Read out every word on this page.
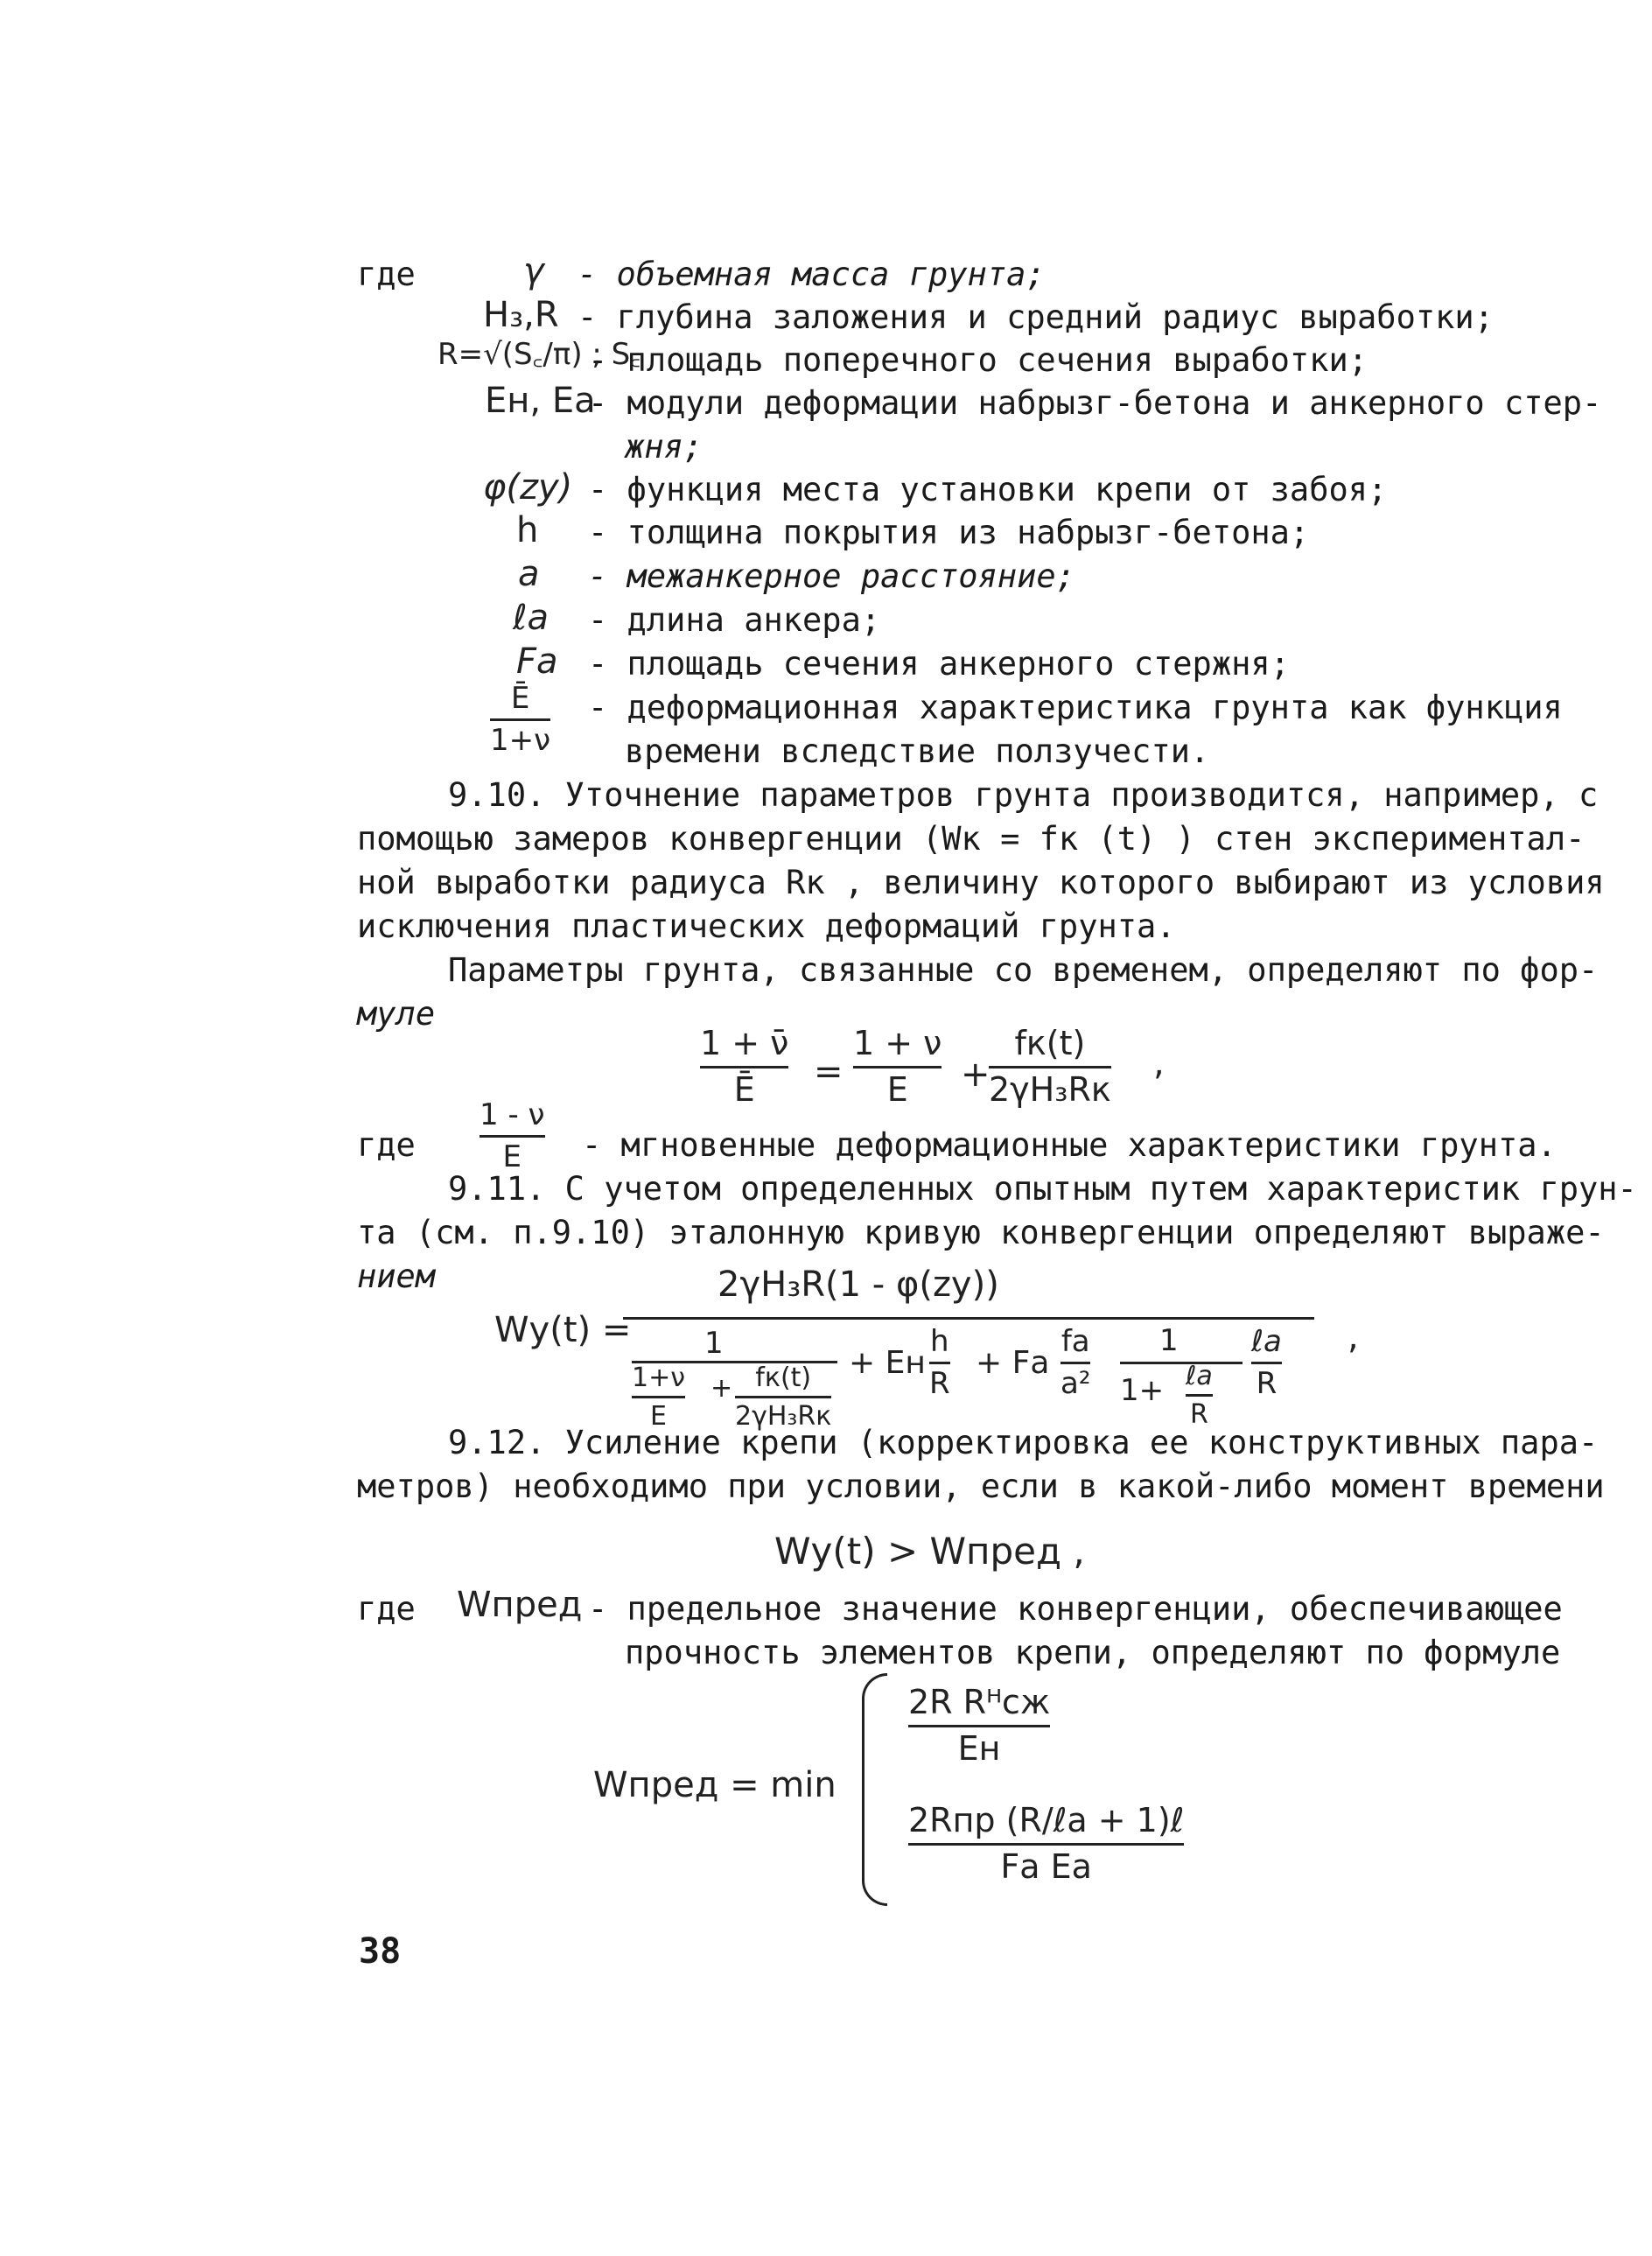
где	γ - объемная масса грунта;
H₃,R - глубина заложения и средний радиус выработки;
R=√(S꜀/π) ; S꜀
- площадь поперечного сечения выработки;
Eн, Eа
- модули деформации набрызг-бетона и анкерного стер-
жня;
φ(zу) - функция места установки крепи от забоя;
h - толщина покрытия из набрызг-бетона;
a - межанкерное расстояние;
ℓа - длина анкера;
Fа - площадь сечения анкерного стержня;
Ē
1+ν
- деформационная характеристика грунта как функция
времени вследствие ползучести.
9.10. Уточнение параметров грунта производится, например, с
помощью замеров конвергенции (Wк = fк (t) ) стен экспериментал-
ной выработки радиуса Rк , величину которого выбирают из условия
исключения пластических деформаций грунта.
Параметры грунта, связанные со временем, определяют по фор-
муле
1 + ν̄
Ē	=
1 + ν
E	+
fк(t)
2γH₃Rк
,
где
1 - ν
E	- мгновенные деформационные характеристики грунта.
9.11. С учетом определенных опытным путем характеристик грун-
та (см. п.9.10) эталонную кривую конвергенции определяют выраже-
нием
Wу(t) =
2γH₃R(1 - φ(zу))
1
1+ν
E
+ fк(t)
2γH₃Rк
+ Eн
h
R
+ Fа
fа
a²
1
1+ ℓа
R
ℓа
R
,
9.12. Усиление крепи (корректировка ее конструктивных пара-
метров) необходимо при условии, если в какой-либо момент времени
Wу(t) > Wпред ,
где Wпред - предельное значение конвергенции, обеспечивающее
прочность элементов крепи, определяют по формуле
Wпред = min
2R Rᴴсж
Eн
2Rпр (R/ℓа + 1)ℓ
Fа Eа
38
